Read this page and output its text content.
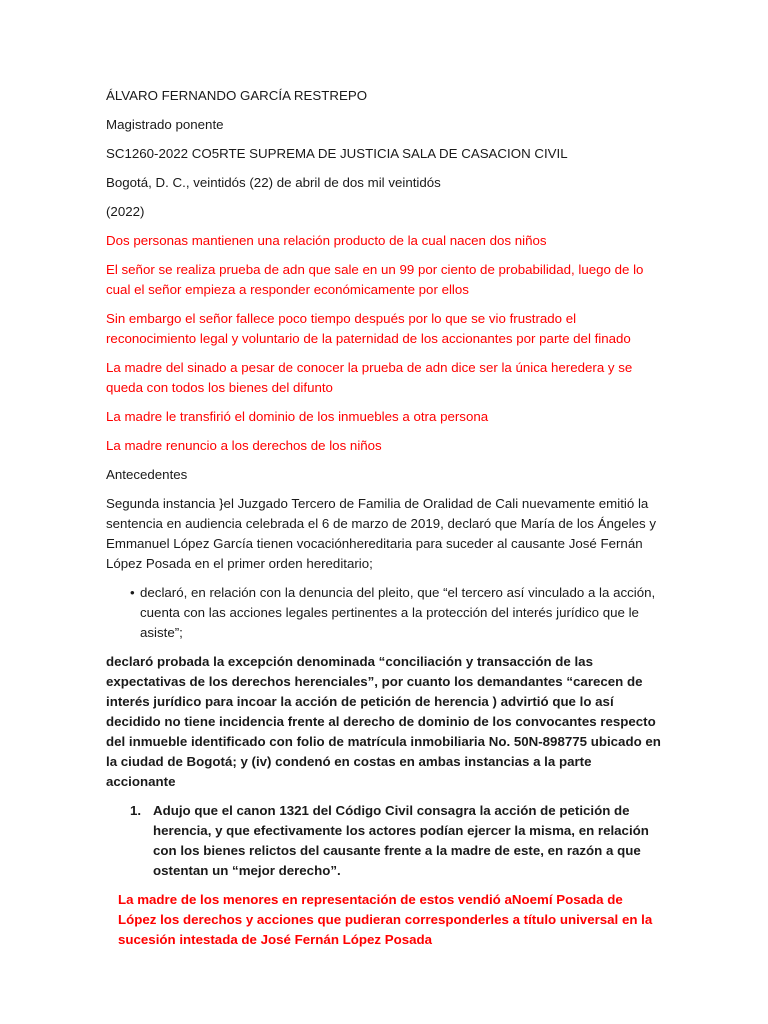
ÁLVARO FERNANDO GARCÍA RESTREPO

Magistrado ponente

SC1260-2022 CO5RTE SUPREMA DE JUSTICIA SALA DE CASACION CIVIL

Bogotá, D. C., veintidós (22) de abril de dos mil veintidós

(2022)

Dos personas mantienen una relación producto de la cual nacen dos niños

El señor se realiza prueba de adn que sale en un 99 por ciento de probabilidad, luego de lo cual el señor empieza a responder económicamente por ellos

Sin embargo el señor fallece poco tiempo después por lo que se vio frustrado el reconocimiento legal y voluntario de la paternidad de los accionantes por parte del finado

La madre del sinado a pesar de conocer la prueba de adn dice ser la única heredera y se queda con todos los bienes del difunto

La madre le transfirió el dominio de los inmuebles a otra persona

La madre renuncio a los derechos de los niños

Antecedentes

Segunda instancia }el Juzgado Tercero de Familia de Oralidad de Cali nuevamente emitió la sentencia en audiencia celebrada el 6 de marzo de 2019, declaró que María de los Ángeles y Emmanuel López García tienen vocaciónhereditaria para suceder al causante José Fernán López Posada en el primer orden hereditario;

• declaró, en relación con la denuncia del pleito, que “el tercero así vinculado a la acción, cuenta con las acciones legales pertinentes a la protección del interés jurídico que le asiste”;

declaró probada la excepción denominada “conciliación y transacción de las expectativas de los derechos herenciales”, por cuanto los demandantes “carecen de interés jurídico para incoar la acción de petición de herencia ) advirtió que lo así decidido no tiene incidencia frente al derecho de dominio de los convocantes respecto del inmueble identificado con folio de matrícula inmobiliaria No. 50N-898775 ubicado en la ciudad de Bogotá; y (iv) condenó en costas en ambas instancias a la parte accionante

1. Adujo que el canon 1321 del Código Civil consagra la acción de petición de herencia, y que efectivamente los actores podían ejercer la misma, en relación con los bienes relictos del causante frente a la madre de este, en razón a que ostentan un “mejor derecho”.

La madre de los menores en representación de estos vendió aNoemí Posada de López los derechos y acciones que pudieran corresponderles a título universal en la sucesión intestada de José Fernán López Posada
